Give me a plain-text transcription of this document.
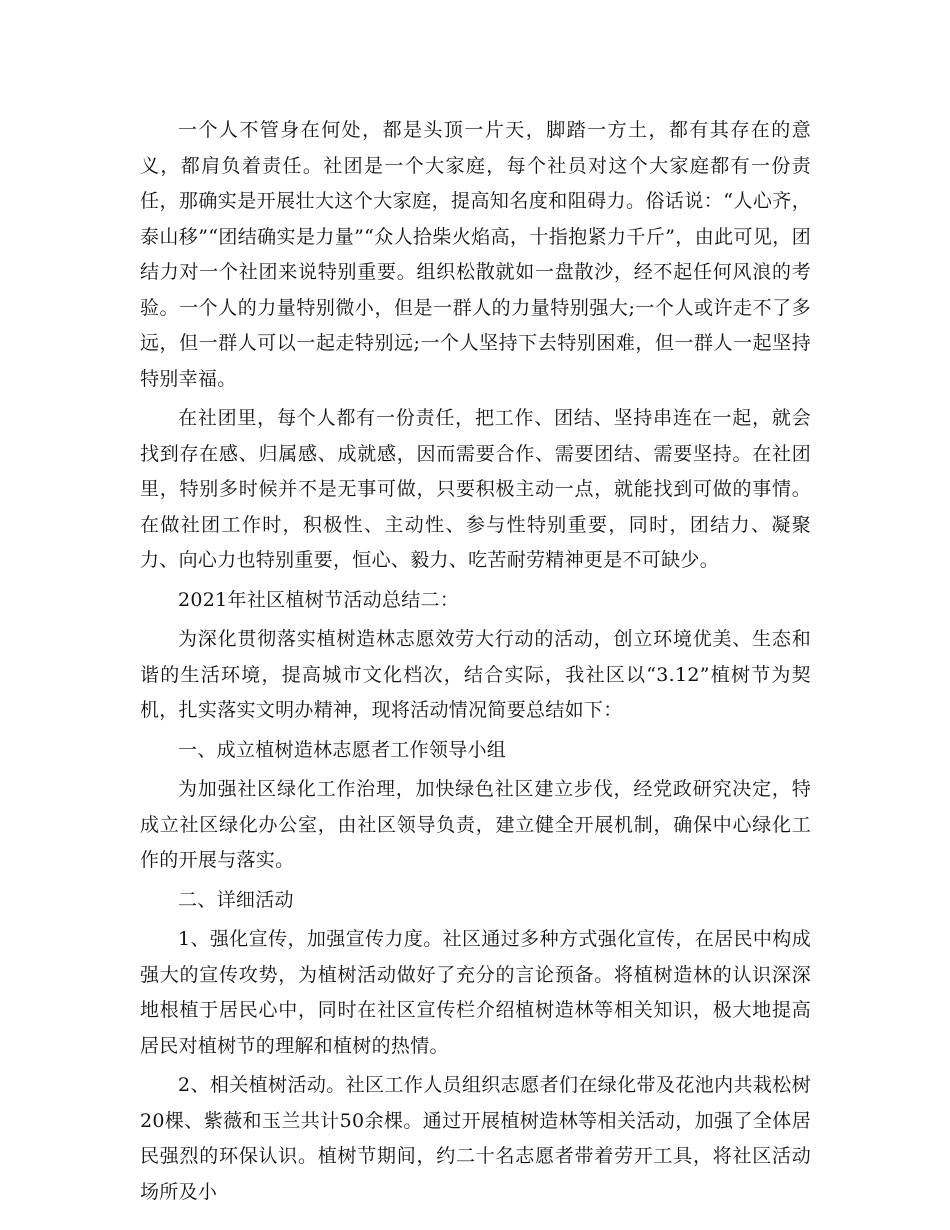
一个人不管身在何处，都是头顶一片天，脚踏一方土，都有其存在的意义，都肩负着责任。社团是一个大家庭，每个社员对这个大家庭都有一份责任，那确实是开展壮大这个大家庭，提高知名度和阻碍力。俗话说：“人心齐，泰山移”“团结确实是力量”“众人拾柴火焰高，十指抱紧力千斤”，由此可见，团结力对一个社团来说特别重要。组织松散就如一盘散沙，经不起任何风浪的考验。一个人的力量特别微小，但是一群人的力量特别强大;一个人或许走不了多远，但一群人可以一起走特别远;一个人坚持下去特别困难，但一群人一起坚持特别幸福。

在社团里，每个人都有一份责任，把工作、团结、坚持串连在一起，就会找到存在感、归属感、成就感，因而需要合作、需要团结、需要坚持。在社团里，特别多时候并不是无事可做，只要积极主动一点，就能找到可做的事情。在做社团工作时，积极性、主动性、参与性特别重要，同时，团结力、凝聚力、向心力也特别重要，恒心、毅力、吃苦耐劳精神更是不可缺少。

2021年社区植树节活动总结二：

为深化贯彻落实植树造林志愿效劳大行动的活动，创立环境优美、生态和谐的生活环境，提高城市文化档次，结合实际，我社区以“3.12”植树节为契机，扎实落实文明办精神，现将活动情况简要总结如下：

一、成立植树造林志愿者工作领导小组

为加强社区绿化工作治理，加快绿色社区建立步伐，经党政研究决定，特成立社区绿化办公室，由社区领导负责，建立健全开展机制，确保中心绿化工作的开展与落实。

二、详细活动

1、强化宣传，加强宣传力度。社区通过多种方式强化宣传，在居民中构成强大的宣传攻势，为植树活动做好了充分的言论预备。将植树造林的认识深深地根植于居民心中，同时在社区宣传栏介绍植树造林等相关知识，极大地提高居民对植树节的理解和植树的热情。

2、相关植树活动。社区工作人员组织志愿者们在绿化带及花池内共栽松树20棵、紫薇和玉兰共计50余棵。通过开展植树造林等相关活动，加强了全体居民强烈的环保认识。植树节期间，约二十名志愿者带着劳开工具，将社区活动场所及小
